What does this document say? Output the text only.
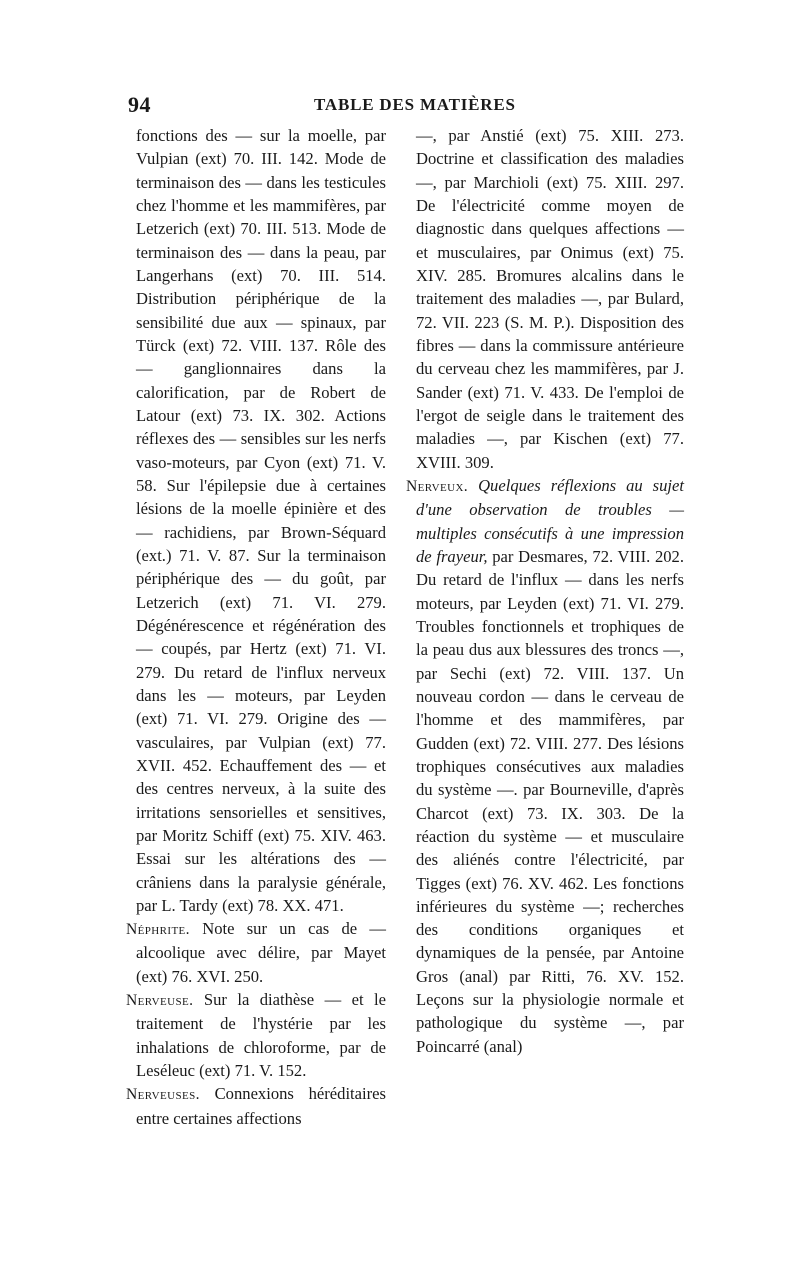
94	TABLE DES MATIÈRES

fonctions des — sur la moelle, par Vulpian (ext) 70. III. 142. Mode de terminaison des — dans les testicules chez l'homme et les mammifères, par Letzerich (ext) 70. III. 513. Mode de terminaison des — dans la peau, par Langerhans (ext) 70. III. 514. Distribution périphérique de la sensibilité due aux — spinaux, par Türck (ext) 72. VIII. 137. Rôle des — ganglionnaires dans la calorification, par de Robert de Latour (ext) 73. IX. 302. Actions réflexes des — sensibles sur les nerfs vaso-moteurs, par Cyon (ext) 71. V. 58. Sur l'épilepsie due à certaines lésions de la moelle épinière et des — rachidiens, par Brown-Séquard (ext.) 71. V. 87. Sur la terminaison périphérique des — du goût, par Letzerich (ext) 71. VI. 279. Dégénérescence et régénération des — coupés, par Hertz (ext) 71. VI. 279. Du retard de l'influx nerveux dans les — moteurs, par Leyden (ext) 71. VI. 279. Origine des — vasculaires, par Vulpian (ext) 77. XVII. 452. Echauffement des — et des centres nerveux, à la suite des irritations sensorielles et sensitives, par Moritz Schiff (ext) 75. XIV. 463. Essai sur les altérations des — crâniens dans la paralysie générale, par L. Tardy (ext) 78. XX. 471.

Néphrite. Note sur un cas de — alcoolique avec délire, par Mayet (ext) 76. XVI. 250.

Nerveuse. Sur la diathèse — et le traitement de l'hystérie par les inhalations de chloroforme, par de Leséleuc (ext) 71. V. 152.

Nerveuses. Connexions héréditaires entre certaines affections

—, par Anstié (ext) 75. XIII. 273. Doctrine et classification des maladies —, par Marchioli (ext) 75. XIII. 297. De l'électricité comme moyen de diagnostic dans quelques affections — et musculaires, par Onimus (ext) 75. XIV. 285. Bromures alcalins dans le traitement des maladies —, par Bulard, 72. VII. 223 (S. M. P.). Disposition des fibres — dans la commissure antérieure du cerveau chez les mammifères, par J. Sander (ext) 71. V. 433. De l'emploi de l'ergot de seigle dans le traitement des maladies —, par Kischen (ext) 77. XVIII. 309.

Nerveux. Quelques réflexions au sujet d'une observation de troubles —multiples consécutifs à une impression de frayeur, par Desmares, 72. VIII. 202. Du retard de l'influx — dans les nerfs moteurs, par Leyden (ext) 71. VI. 279. Troubles fonctionnels et trophiques de la peau dus aux blessures des troncs —, par Sechi (ext) 72. VIII. 137. Un nouveau cordon — dans le cerveau de l'homme et des mammifères, par Gudden (ext) 72. VIII. 277. Des lésions trophiques consécutives aux maladies du système —. par Bourneville, d'après Charcot (ext) 73. IX. 303. De la réaction du système — et musculaire des aliénés contre l'électricité, par Tigges (ext) 76. XV. 462. Les fonctions inférieures du système —; recherches des conditions organiques et dynamiques de la pensée, par Antoine Gros (anal) par Ritti, 76. XV. 152. Leçons sur la physiologie normale et pathologique du système —, par Poincarré (anal)
